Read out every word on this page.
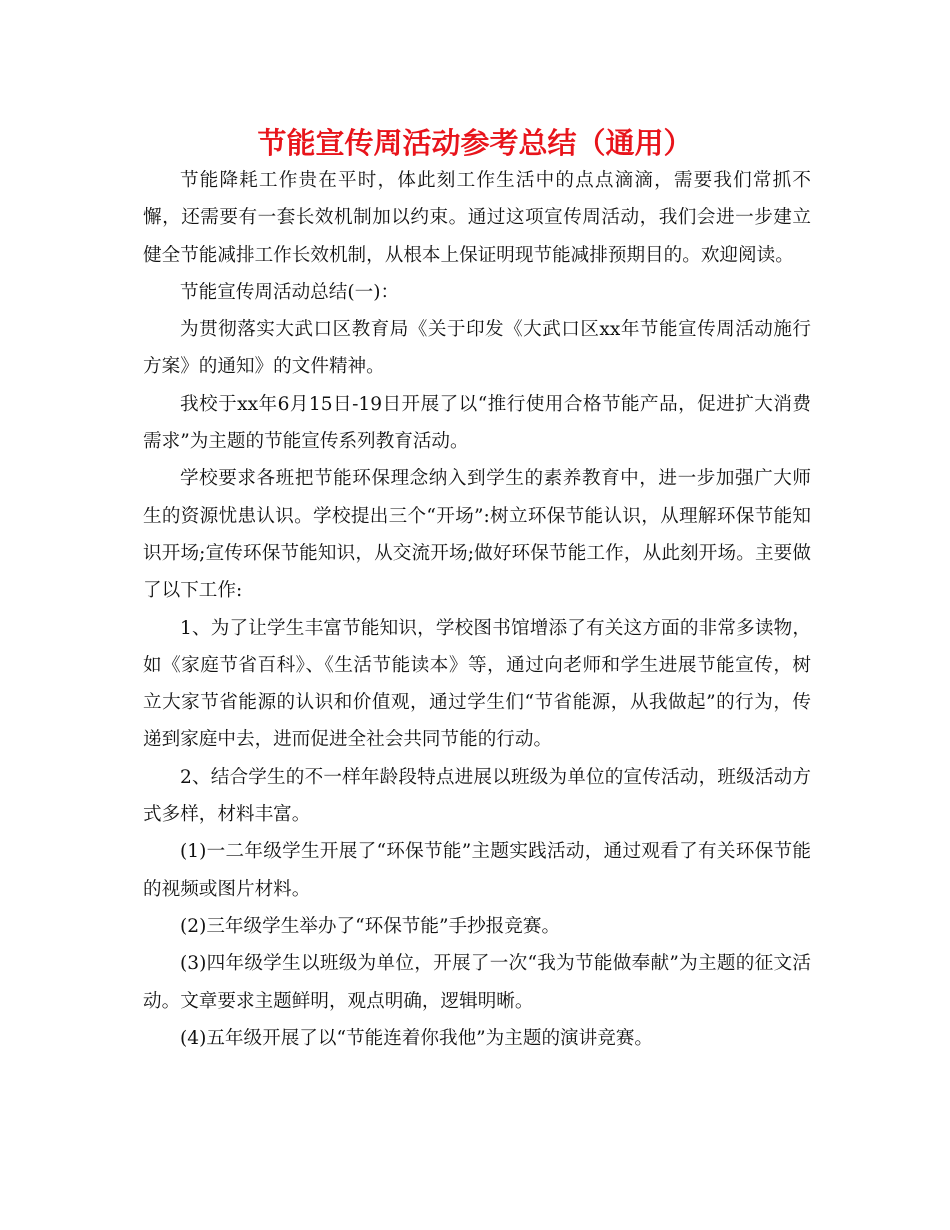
节能宣传周活动参考总结（通用）

节能降耗工作贵在平时，体此刻工作生活中的点点滴滴，需要我们常抓不懈，还需要有一套长效机制加以约束。通过这项宣传周活动，我们会进一步建立健全节能减排工作长效机制，从根本上保证明现节能减排预期目的。欢迎阅读。

节能宣传周活动总结(一)：

为贯彻落实大武口区教育局《关于印发《大武口区xx年节能宣传周活动施行方案》的通知》的文件精神。

我校于xx年6月15日-19日开展了以“推行使用合格节能产品，促进扩大消费需求”为主题的节能宣传系列教育活动。

学校要求各班把节能环保理念纳入到学生的素养教育中，进一步加强广大师生的资源忧患认识。学校提出三个“开场”:树立环保节能认识，从理解环保节能知识开场;宣传环保节能知识，从交流开场;做好环保节能工作，从此刻开场。主要做了以下工作:

1、为了让学生丰富节能知识，学校图书馆增添了有关这方面的非常多读物，如《家庭节省百科》、《生活节能读本》等，通过向老师和学生进展节能宣传，树立大家节省能源的认识和价值观，通过学生们“节省能源，从我做起”的行为，传递到家庭中去，进而促进全社会共同节能的行动。

2、结合学生的不一样年龄段特点进展以班级为单位的宣传活动，班级活动方式多样，材料丰富。

(1)一二年级学生开展了“环保节能”主题实践活动，通过观看了有关环保节能的视频或图片材料。

(2)三年级学生举办了“环保节能”手抄报竞赛。

(3)四年级学生以班级为单位，开展了一次“我为节能做奉献”为主题的征文活动。文章要求主题鲜明，观点明确，逻辑明晰。

(4)五年级开展了以“节能连着你我他”为主题的演讲竞赛。
